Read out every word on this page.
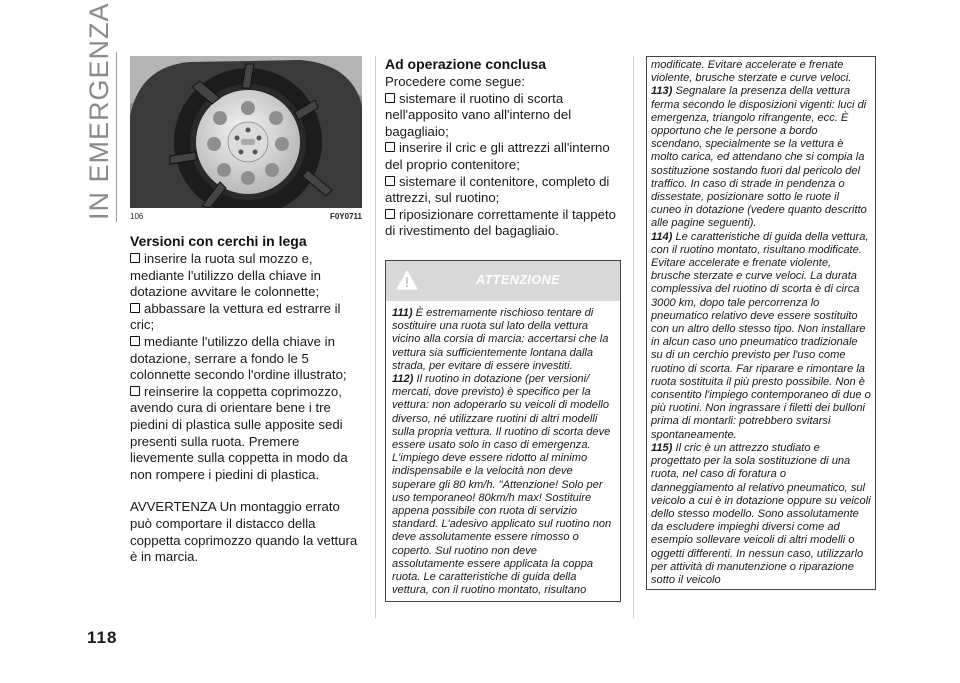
IN EMERGENZA
118
106	F0Y0711
Versioni con cerchi in lega

inserire la ruota sul mozzo e, mediante l'utilizzo della chiave in dotazione avvitare le colonnette;

abbassare la vettura ed estrarre il cric;

mediante l'utilizzo della chiave in dotazione, serrare a fondo le 5 colonnette secondo l'ordine illustrato;

reinserire la coppetta coprimozzo, avendo cura di orientare bene i tre piedini di plastica sulle apposite sedi presenti sulla ruota. Premere lievemente sulla coppetta in modo da non rompere i piedini di plastica.

AVVERTENZA Un montaggio errato può comportare il distacco della coppetta coprimozzo quando la vettura è in marcia.

Ad operazione conclusa

Procedere come segue:

sistemare il ruotino di scorta nell'apposito vano all'interno del bagagliaio;

inserire il cric e gli attrezzi all'interno del proprio contenitore;

sistemare il contenitore, completo di attrezzi, sul ruotino;

riposizionare correttamente il tappeto di rivestimento del bagagliaio.

ATTENZIONE

111) È estremamente rischioso tentare di sostituire una ruota sul lato della vettura vicino alla corsia di marcia: accertarsi che la vettura sia sufficientemente lontana dalla strada, per evitare di essere investiti.

112) Il ruotino in dotazione (per versioni/ mercati, dove previsto) è specifico per la vettura: non adoperarlo su veicoli di modello diverso, né utilizzare ruotini di altri modelli sulla propria vettura. Il ruotino di scorta deve essere usato solo in caso di emergenza. L'impiego deve essere ridotto al minimo indispensabile e la velocità non deve superare gli 80 km/h. "Attenzione! Solo per uso temporaneo! 80km/h max! Sostituire appena possibile con ruota di servizio standard. L'adesivo applicato sul ruotino non deve assolutamente essere rimosso o coperto. Sul ruotino non deve assolutamente essere applicata la coppa ruota. Le caratteristiche di guida della vettura, con il ruotino montato, risultano

modificate. Evitare accelerate e frenate violente, brusche sterzate e curve veloci.

113) Segnalare la presenza della vettura ferma secondo le disposizioni vigenti: luci di emergenza, triangolo rifrangente, ecc. È opportuno che le persone a bordo scendano, specialmente se la vettura è molto carica, ed attendano che si compia la sostituzione sostando fuori dal pericolo del traffico. In caso di strade in pendenza o dissestate, posizionare sotto le ruote il cuneo in dotazione (vedere quanto descritto alle pagine seguenti).

114) Le caratteristiche di guida della vettura, con il ruotino montato, risultano modificate. Evitare accelerate e frenate violente, brusche sterzate e curve veloci. La durata complessiva del ruotino di scorta è di circa 3000 km, dopo tale percorrenza lo pneumatico relativo deve essere sostituito con un altro dello stesso tipo. Non installare in alcun caso uno pneumatico tradizionale su di un cerchio previsto per l'uso come ruotino di scorta. Far riparare e rimontare la ruota sostituita il più presto possibile. Non è consentito l'impiego contemporaneo di due o più ruotini. Non ingrassare i filetti dei bulloni prima di montarli: potrebbero svitarsi spontaneamente.

115) Il cric è un attrezzo studiato e progettato per la sola sostituzione di una ruota, nel caso di foratura o danneggiamento al relativo pneumatico, sul veicolo a cui è in dotazione oppure su veicoli dello stesso modello. Sono assolutamente da escludere impieghi diversi come ad esempio sollevare veicoli di altri modelli o oggetti differenti. In nessun caso, utilizzarlo per attività di manutenzione o riparazione sotto il veicolo
